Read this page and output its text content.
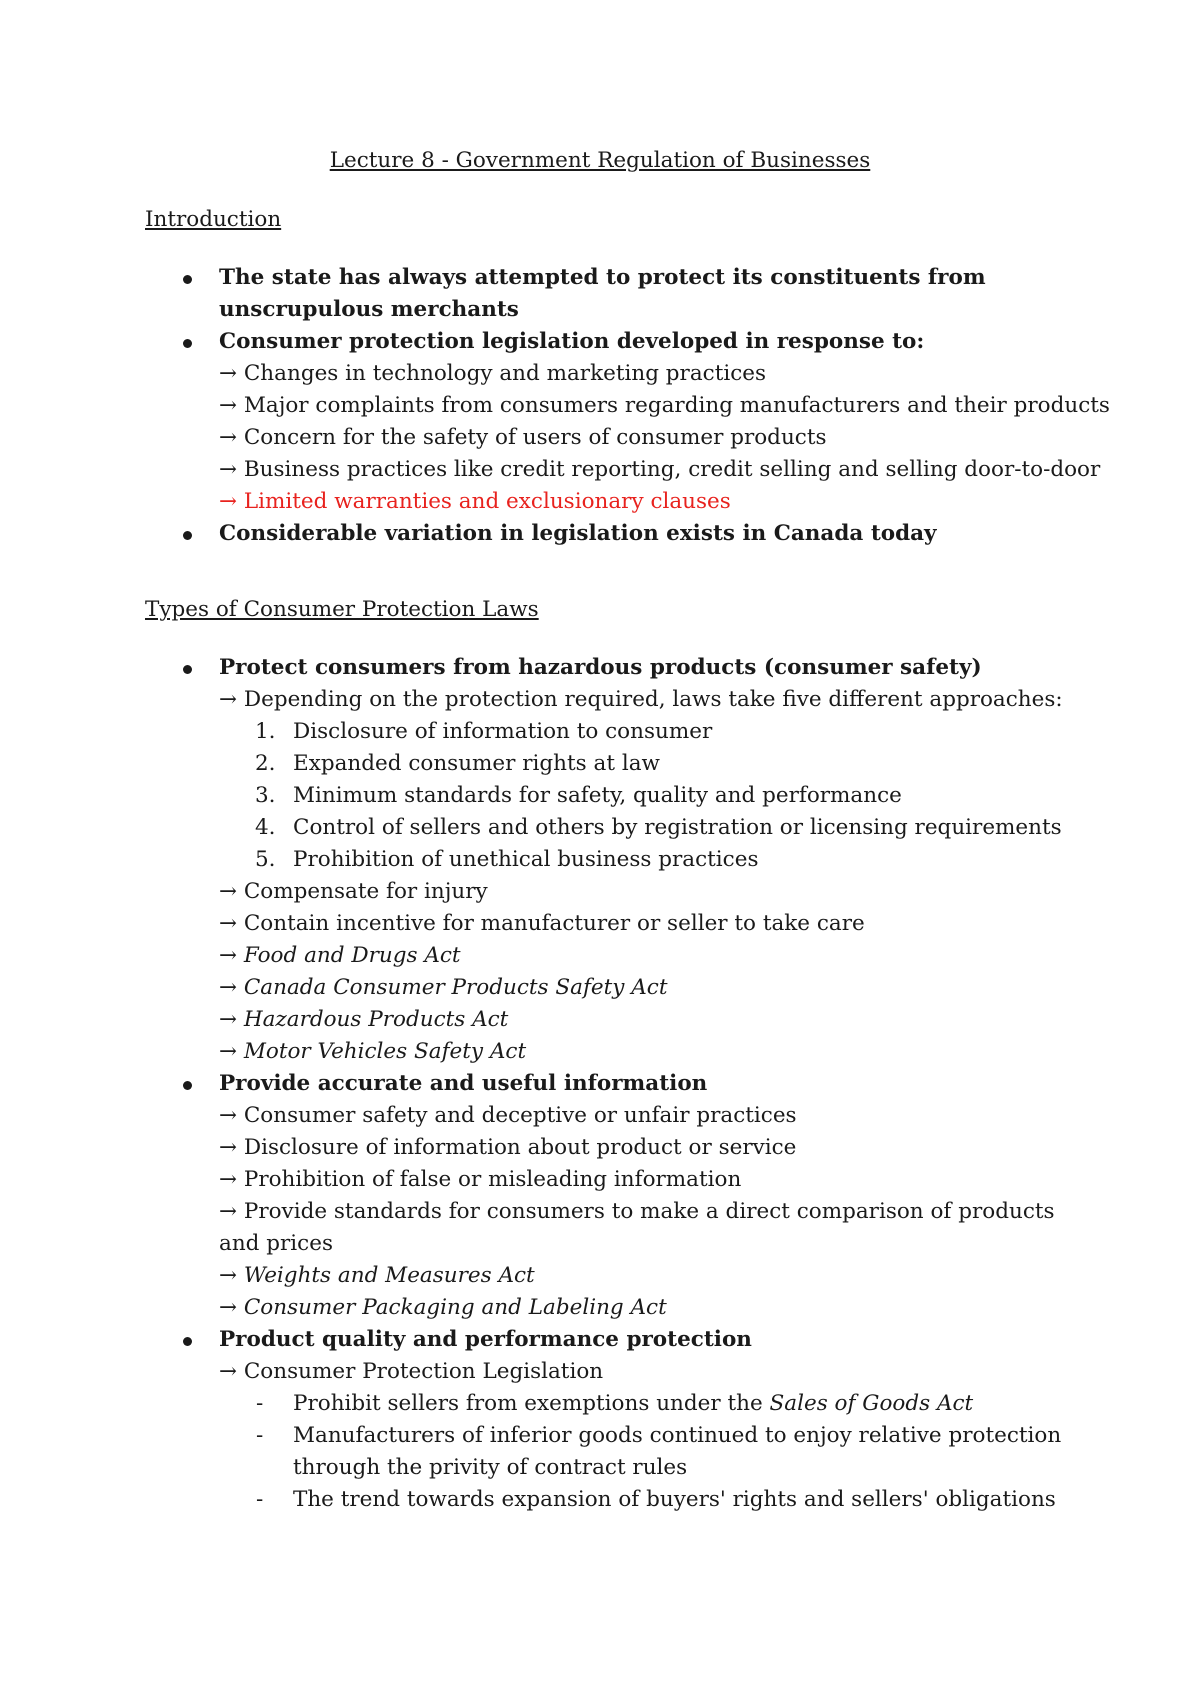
Lecture 8 - Government Regulation of Businesses

Introduction

The state has always attempted to protect its constituents from unscrupulous merchants
Consumer protection legislation developed in response to:
→ Changes in technology and marketing practices
→ Major complaints from consumers regarding manufacturers and their products
→ Concern for the safety of users of consumer products
→ Business practices like credit reporting, credit selling and selling door-to-door
→ Limited warranties and exclusionary clauses
Considerable variation in legislation exists in Canada today

Types of Consumer Protection Laws

Protect consumers from hazardous products (consumer safety)
→ Depending on the protection required, laws take five different approaches:
1. Disclosure of information to consumer
2. Expanded consumer rights at law
3. Minimum standards for safety, quality and performance
4. Control of sellers and others by registration or licensing requirements
5. Prohibition of unethical business practices
→ Compensate for injury
→ Contain incentive for manufacturer or seller to take care
→ Food and Drugs Act
→ Canada Consumer Products Safety Act
→ Hazardous Products Act
→ Motor Vehicles Safety Act
Provide accurate and useful information
→ Consumer safety and deceptive or unfair practices
→ Disclosure of information about product or service
→ Prohibition of false or misleading information
→ Provide standards for consumers to make a direct comparison of products and prices
→ Weights and Measures Act
→ Consumer Packaging and Labeling Act
Product quality and performance protection
→ Consumer Protection Legislation
- Prohibit sellers from exemptions under the Sales of Goods Act
- Manufacturers of inferior goods continued to enjoy relative protection through the privity of contract rules
- The trend towards expansion of buyers' rights and sellers' obligations
